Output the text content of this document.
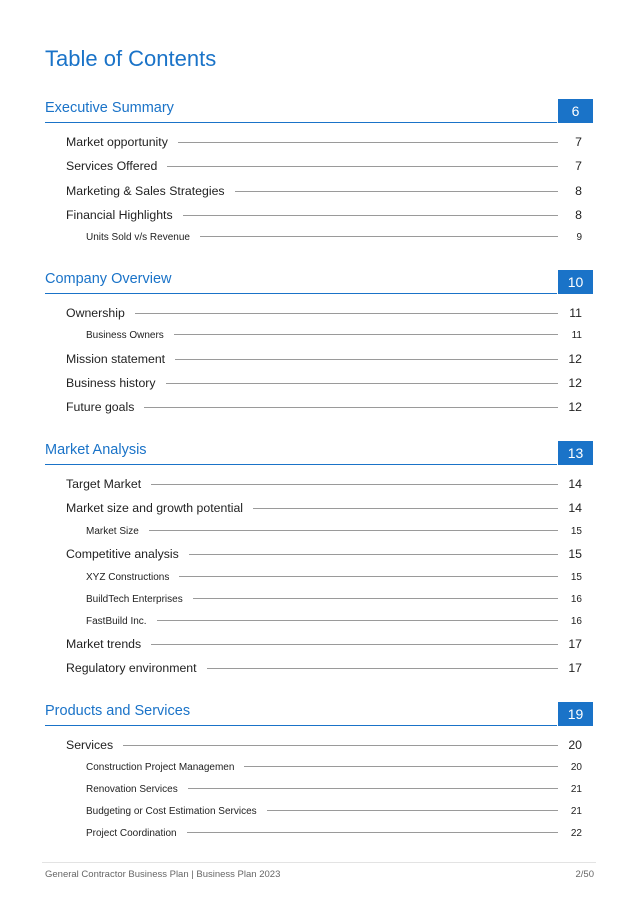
Table of Contents
Executive Summary	6
Market opportunity	7
Services Offered	7
Marketing & Sales Strategies	8
Financial Highlights	8
Units Sold v/s Revenue	9
Company Overview	10
Ownership	11
Business Owners	11
Mission statement	12
Business history	12
Future goals	12
Market Analysis	13
Target Market	14
Market size and growth potential	14
Market Size	15
Competitive analysis	15
XYZ Constructions	15
BuildTech Enterprises	16
FastBuild Inc.	16
Market trends	17
Regulatory environment	17
Products and Services	19
Services	20
Construction Project Managemen	20
Renovation Services	21
Budgeting or Cost Estimation Services	21
Project Coordination	22
General Contractor Business Plan | Business Plan 2023	2/50
